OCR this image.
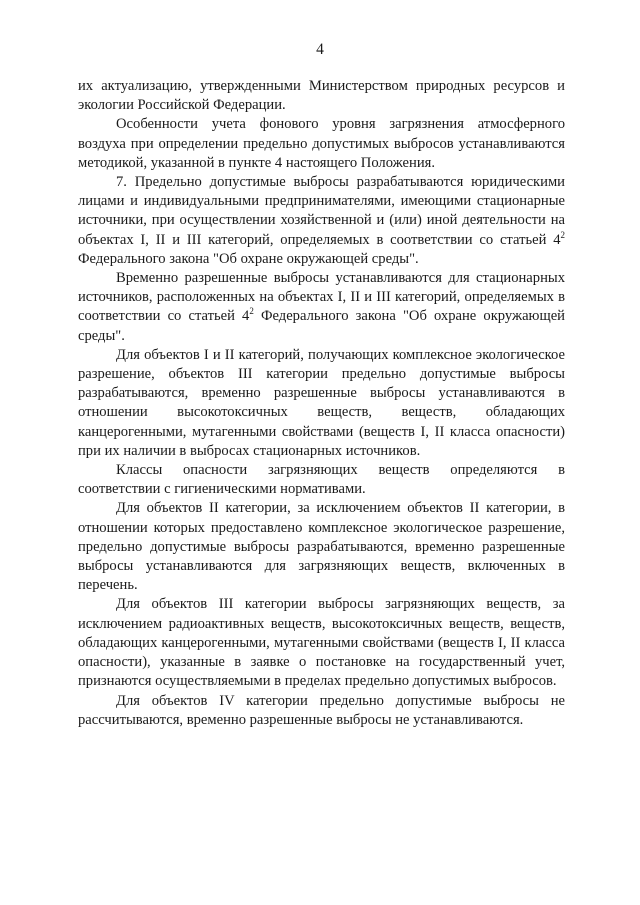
4

их актуализацию, утвержденными Министерством природных ресурсов и экологии Российской Федерации.

Особенности учета фонового уровня загрязнения атмосферного воздуха при определении предельно допустимых выбросов устанавливаются методикой, указанной в пункте 4 настоящего Положения.

7. Предельно допустимые выбросы разрабатываются юридическими лицами и индивидуальными предпринимателями, имеющими стационарные источники, при осуществлении хозяйственной и (или) иной деятельности на объектах I, II и III категорий, определяемых в соответствии со статьей $4^2$ Федерального закона "Об охране окружающей среды".

Временно разрешенные выбросы устанавливаются для стационарных источников, расположенных на объектах I, II и III категорий, определяемых в соответствии со статьей $4^2$ Федерального закона "Об охране окружающей среды".

Для объектов I и II категорий, получающих комплексное экологическое разрешение, объектов III категории предельно допустимые выбросы разрабатываются, временно разрешенные выбросы устанавливаются в отношении высокотоксичных веществ, веществ, обладающих канцерогенными, мутагенными свойствами (веществ I, II класса опасности) при их наличии в выбросах стационарных источников.

Классы опасности загрязняющих веществ определяются в соответствии с гигиеническими нормативами.

Для объектов II категории, за исключением объектов II категории, в отношении которых предоставлено комплексное экологическое разрешение, предельно допустимые выбросы разрабатываются, временно разрешенные выбросы устанавливаются для загрязняющих веществ, включенных в перечень.

Для объектов III категории выбросы загрязняющих веществ, за исключением радиоактивных веществ, высокотоксичных веществ, веществ, обладающих канцерогенными, мутагенными свойствами (веществ I, II класса опасности), указанные в заявке о постановке на государственный учет, признаются осуществляемыми в пределах предельно допустимых выбросов.

Для объектов IV категории предельно допустимые выбросы не рассчитываются, временно разрешенные выбросы не устанавливаются.
